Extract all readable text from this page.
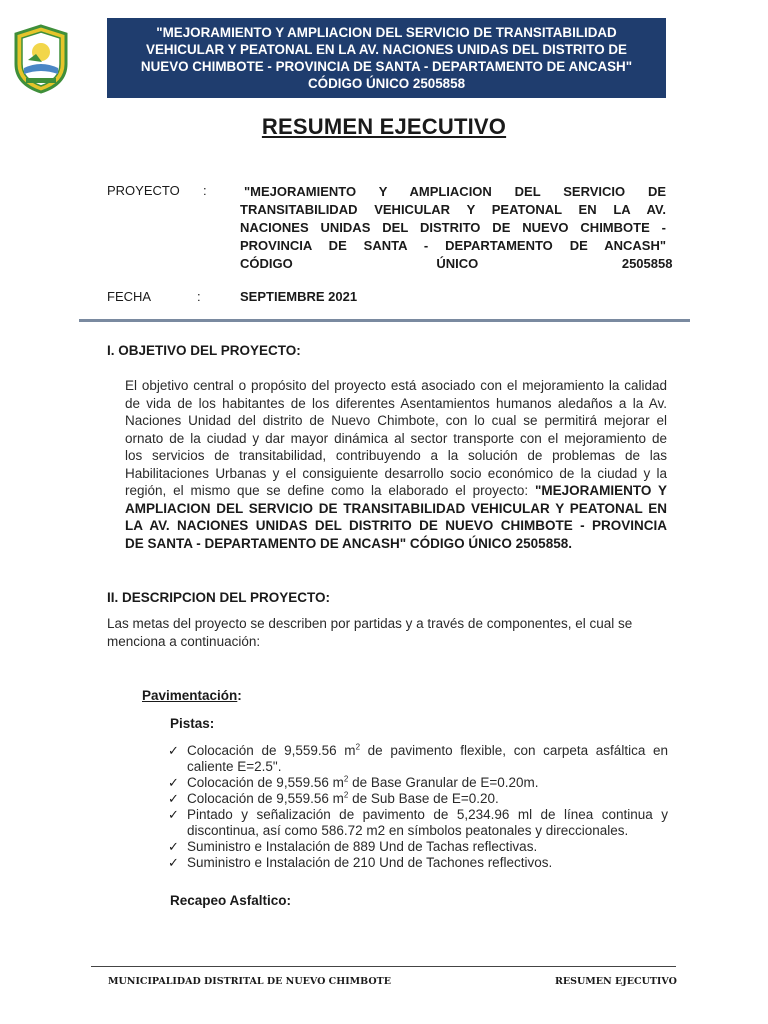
"MEJORAMIENTO Y AMPLIACION DEL SERVICIO DE TRANSITABILIDAD
VEHICULAR Y PEATONAL EN LA AV. NACIONES UNIDAS DEL DISTRITO DE
NUEVO CHIMBOTE - PROVINCIA DE SANTA - DEPARTAMENTO DE ANCASH"
CÓDIGO ÚNICO 2505858
RESUMEN EJECUTIVO
PROYECTO :	"MEJORAMIENTO Y AMPLIACION DEL SERVICIO DE
TRANSITABILIDAD VEHICULAR Y PEATONAL EN LA AV.
NACIONES UNIDAS DEL DISTRITO DE NUEVO CHIMBOTE -
PROVINCIA DE SANTA - DEPARTAMENTO DE ANCASH"
CÓDIGO ÚNICO 2505858
FECHA	:	SEPTIEMBRE 2021
I. OBJETIVO DEL PROYECTO:
El objetivo central o propósito del proyecto está asociado con el mejoramiento la calidad
de vida de los habitantes de los diferentes Asentamientos humanos aledaños a la Av.
Naciones Unidad del distrito de Nuevo Chimbote, con lo cual se permitirá mejorar el
ornato de la ciudad y dar mayor dinámica al sector transporte con el mejoramiento de
los servicios de transitabilidad, contribuyendo a la solución de problemas de las
Habilitaciones Urbanas y el consiguiente desarrollo socio económico de la ciudad y la
región, el mismo que se define como la elaborado el proyecto: "MEJORAMIENTO Y
AMPLIACION DEL SERVICIO DE TRANSITABILIDAD VEHICULAR Y PEATONAL EN
LA AV. NACIONES UNIDAS DEL DISTRITO DE NUEVO CHIMBOTE - PROVINCIA
DE SANTA - DEPARTAMENTO DE ANCASH" CÓDIGO ÚNICO 2505858.
II. DESCRIPCION DEL PROYECTO:
Las metas del proyecto se describen por partidas y a través de componentes, el cual se
menciona a continuación:
Pavimentación:
Pistas:
✓ Colocación de 9,559.56 $m^2$ de pavimento flexible, con carpeta asfáltica en
caliente E=2.5".
✓ Colocación de 9,559.56 $m^2$ de Base Granular de E=0.20m.
✓ Colocación de 9,559.56 $m^2$ de Sub Base de E=0.20.
✓ Pintado y señalización de pavimento de 5,234.96 ml de línea continua y
discontinua, así como 586.72 m2 en símbolos peatonales y direccionales.
✓ Suministro e Instalación de 889 Und de Tachas reflectivas.
✓ Suministro e Instalación de 210 Und de Tachones reflectivos.
Recapeo Asfaltico:
MUNICIPALIDAD DISTRITAL DE NUEVO CHIMBOTE	RESUMEN EJECUTIVO
